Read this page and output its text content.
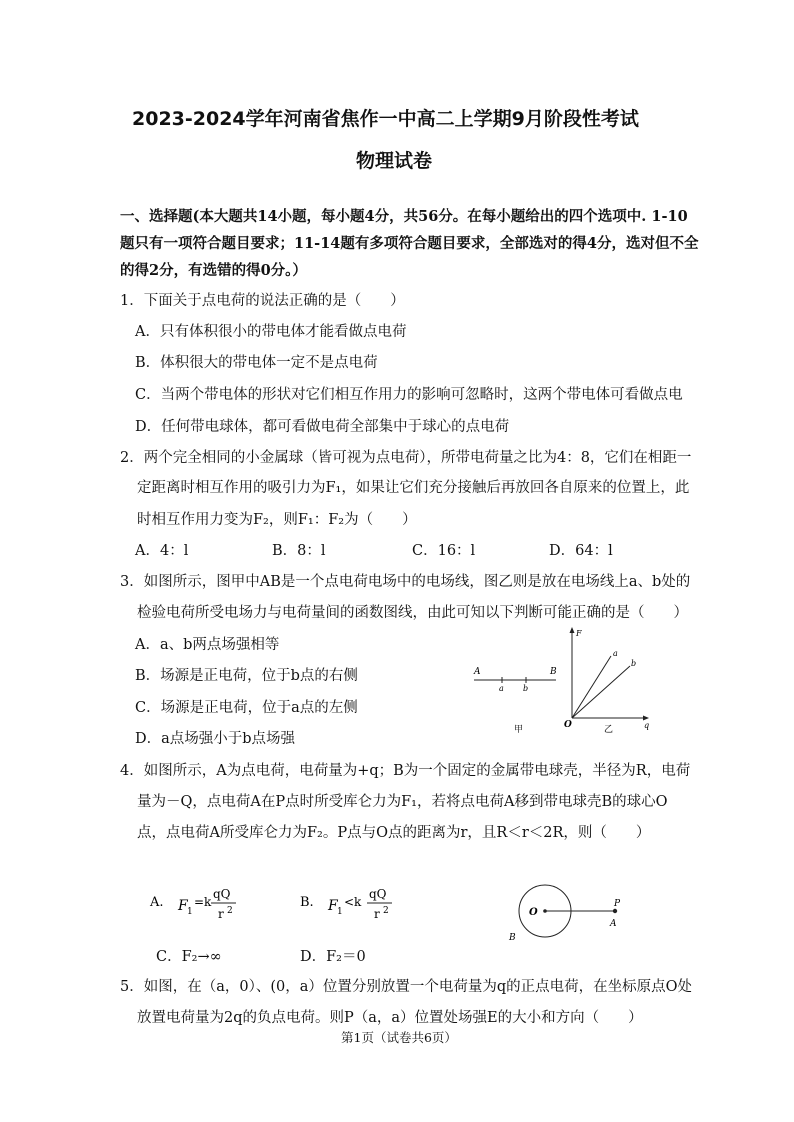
2023-2024学年河南省焦作一中高二上学期9月阶段性考试
物理试卷
一、选择题(本大题共14小题，每小题4分，共56分。在每小题给出的四个选项中. 1-10
题只有一项符合题目要求；11-14题有多项符合题目要求，全部选对的得4分，选对但不全
的得2分，有选错的得0分。）
1．下面关于点电荷的说法正确的是（　　）
A．只有体积很小的带电体才能看做点电荷
B．体积很大的带电体一定不是点电荷
C．当两个带电体的形状对它们相互作用力的影响可忽略时，这两个带电体可看做点电
D．任何带电球体，都可看做电荷全部集中于球心的点电荷
2．两个完全相同的小金属球（皆可视为点电荷），所带电荷量之比为4：8，它们在相距一
定距离时相互作用的吸引力为F₁，如果让它们充分接触后再放回各自原来的位置上，此
时相互作用力变为F₂，则F₁：F₂为（　　）
A．4：l	B．8：l	C．16：l	D．64：l
3．如图所示，图甲中AB是一个点电荷电场中的电场线，图乙则是放在电场线上a、b处的
检验电荷所受电场力与电荷量间的函数图线，由此可知以下判断可能正确的是（　　）
A．a、b两点场强相等
B．场源是正电荷，位于b点的右侧
C．场源是正电荷，位于a点的左侧
D．a点场强小于b点场强
A	B
a b
甲
F
O	q
a
b
乙
4．如图所示，A为点电荷，电荷量为+q；B为一个固定的金属带电球壳，半径为R，电荷
量为－Q，点电荷A在P点时所受库仑力为F₁，若将点电荷A移到带电球壳B的球心O
点，点电荷A所受库仑力为F₂。P点与O点的距离为r，且R＜r＜2R，则（　　）
A. F 1
=k
qQ
r 2
B. F 1
<k
qQ
r 2
C．F₂→∞	D．F₂＝0
O
P
A
B
5．如图，在（a，0）、(0，a）位置分别放置一个电荷量为q的正点电荷，在坐标原点O处
放置电荷量为2q的负点电荷。则P（a，a）位置处场强E的大小和方向（　　）
第1页（试卷共6页）
